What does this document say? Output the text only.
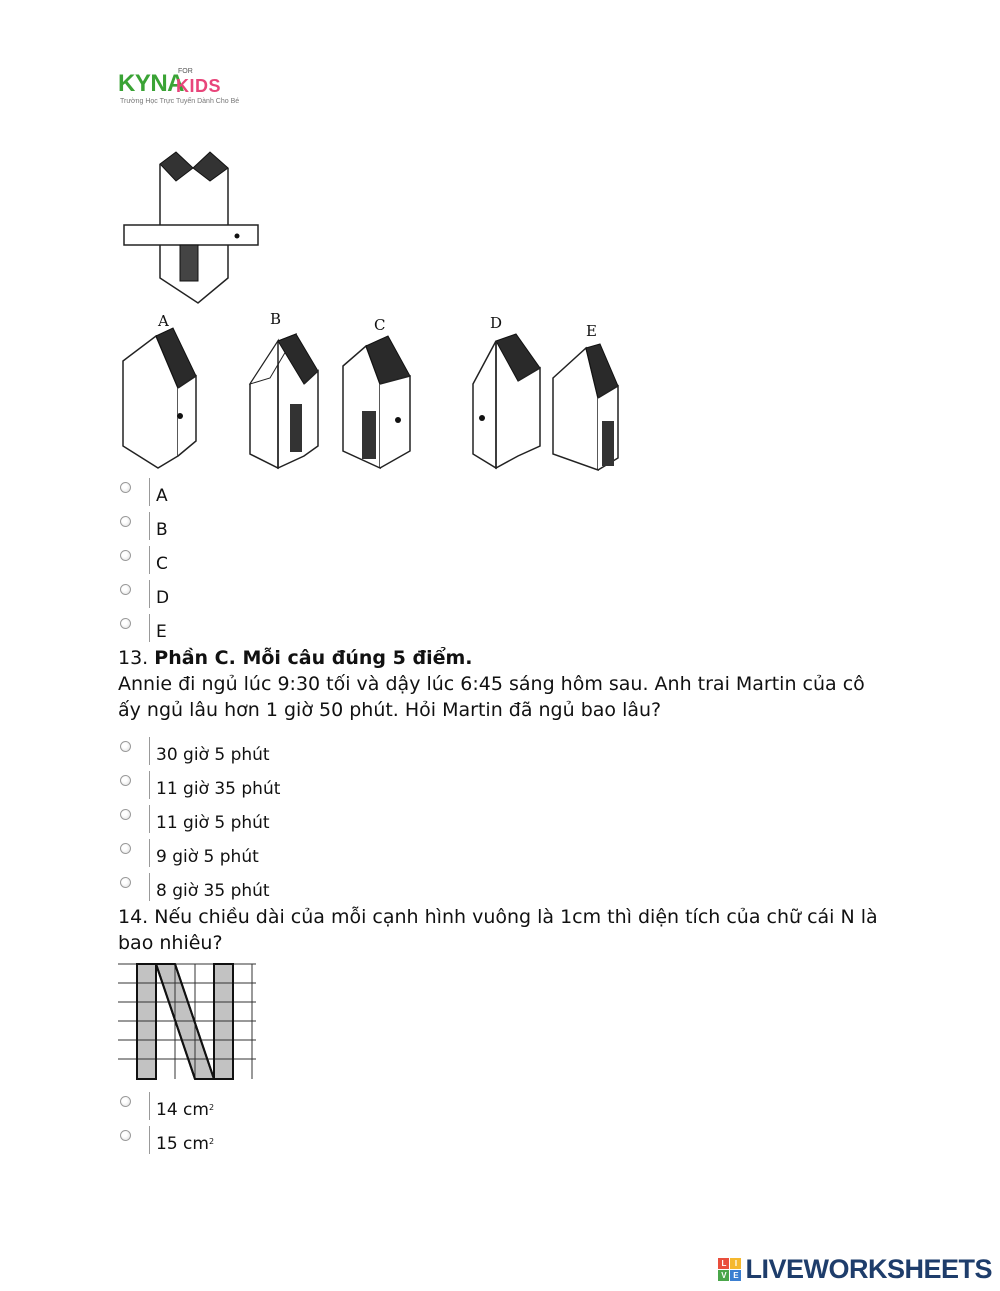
KYNA
FOR
KIDS
Trường Học Trực Tuyến Dành Cho Bé
A	B	C	D	E
A
B
C
D
E
13. Phần C. Mỗi câu đúng 5 điểm.
Annie đi ngủ lúc 9:30 tối và dậy lúc 6:45 sáng hôm sau. Anh trai Martin của cô
ấy ngủ lâu hơn 1 giờ 50 phút. Hỏi Martin đã ngủ bao lâu?
30 giờ 5 phút
11 giờ 35 phút
11 giờ 5 phút
9 giờ 5 phút
8 giờ 35 phút
14. Nếu chiều dài của mỗi cạnh hình vuông là 1cm thì diện tích của chữ cái N là
bao nhiêu?
14 $cm^2$
15 $cm^2$
L	I
V E LIVEWORKSHEETS
